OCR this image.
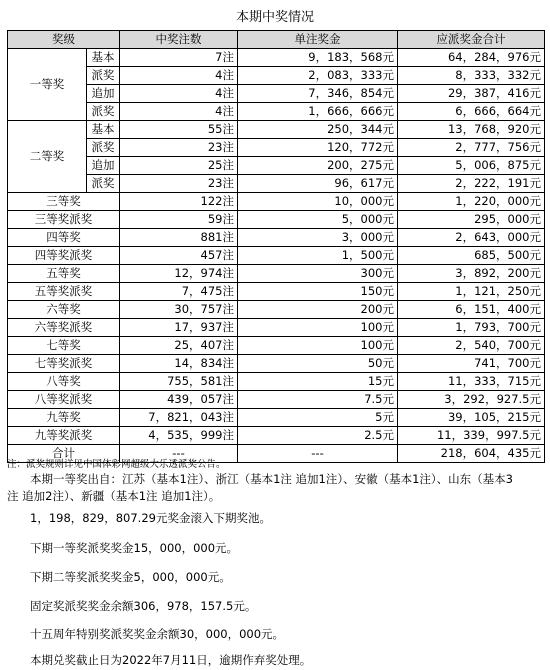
本期中奖情况
奖级		中奖注数	单注奖金	应派奖金合计
一等奖	基本	7注	9，183，568元	64，284，976元
	派奖	4注	2，083，333元	8，333，332元
	追加	4注	7，346，854元	29，387，416元
	派奖	4注	1，666，666元	6，666，664元
二等奖	基本	55注	250，344元	13，768，920元
	派奖	23注	120，772元	2，777，756元
	追加	25注	200，275元	5，006，875元
	派奖	23注	96，617元	2，222，191元
三等奖		122注	10，000元	1，220，000元
三等奖派奖		59注	5，000元	295，000元
四等奖		881注	3，000元	2，643，000元
四等奖派奖		457注	1，500元	685，500元
五等奖		12，974注	300元	3，892，200元
五等奖派奖		7，475注	150元	1，121，250元
六等奖		30，757注	200元	6，151，400元
六等奖派奖		17，937注	100元	1，793，700元
七等奖		25，407注	100元	2，540，700元
七等奖派奖		14，834注	50元	741，700元
八等奖		755，581注	15元	11，333，715元
八等奖派奖		439，057注	7.5元	3，292，927.5元
九等奖		7，821，043注	5元	39，105，215元
九等奖派奖		4，535，999注	2.5元	11，339，997.5元
合计		---	---	218，604，435元
注：派奖规则详见中国体彩网超级大乐透派奖公告。
　　本期一等奖出自：江苏（基本1注）、浙江（基本1注 追加1注）、安徽（基本1注）、山东（基本3
注 追加2注）、新疆（基本1注 追加1注）。
　　1，198，829，807.29元奖金滚入下期奖池。
　　下期一等奖派奖奖金15，000，000元。
　　下期二等奖派奖奖金5，000，000元。
　　固定奖派奖奖金余额306，978，157.5元。
　　十五周年特别奖派奖奖金余额30，000，000元。
　　本期兑奖截止日为2022年7月11日，逾期作弃奖处理。
